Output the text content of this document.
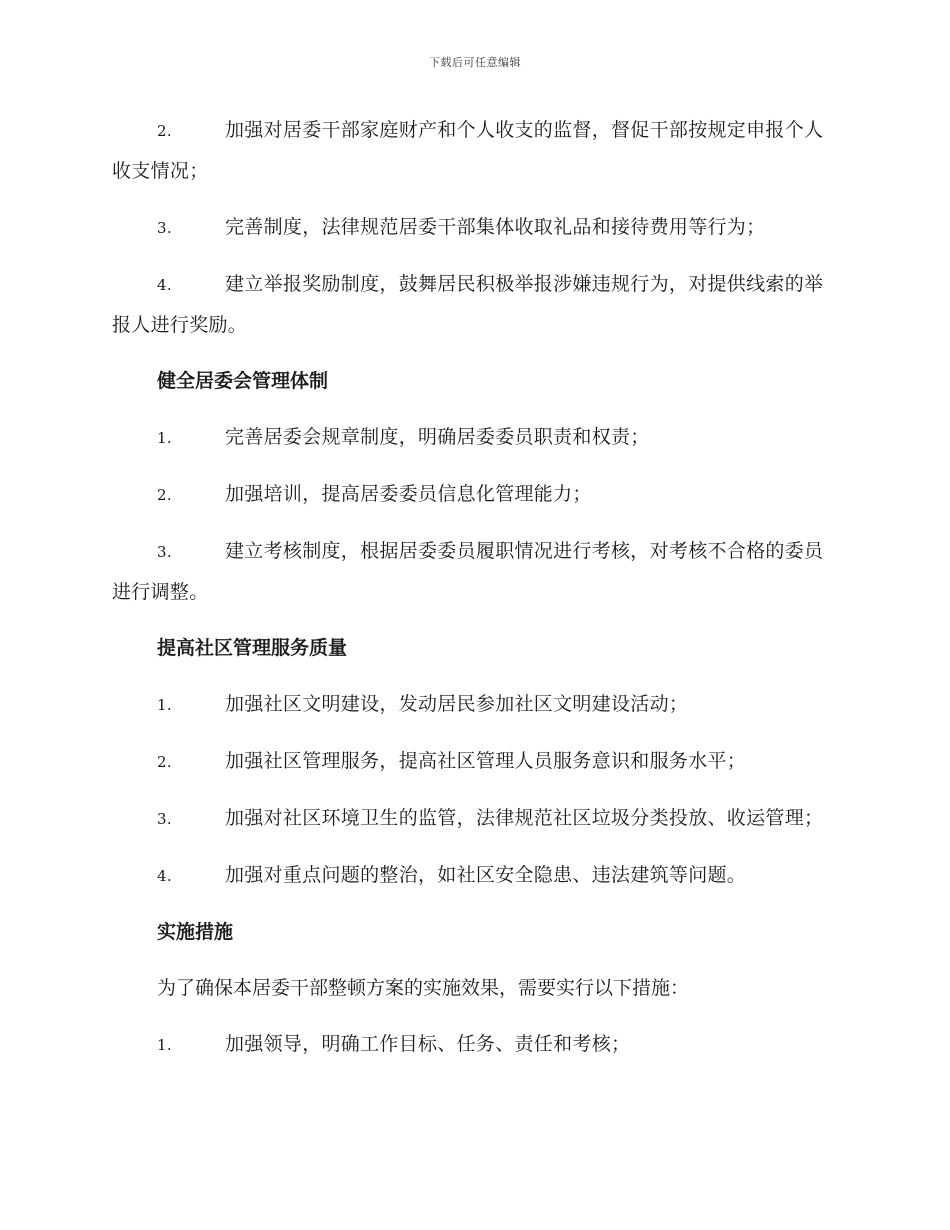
下载后可任意编辑
2.	加强对居委干部家庭财产和个人收支的监督，督促干部按规定申报个人收支情况；
3.	完善制度，法律规范居委干部集体收取礼品和接待费用等行为；
4.	建立举报奖励制度，鼓舞居民积极举报涉嫌违规行为，对提供线索的举报人进行奖励。
健全居委会管理体制
1.	完善居委会规章制度，明确居委委员职责和权责；
2.	加强培训，提高居委委员信息化管理能力；
3.	建立考核制度，根据居委委员履职情况进行考核，对考核不合格的委员进行调整。
提高社区管理服务质量
1.	加强社区文明建设，发动居民参加社区文明建设活动；
2.	加强社区管理服务，提高社区管理人员服务意识和服务水平；
3.	加强对社区环境卫生的监管，法律规范社区垃圾分类投放、收运管理；
4.	加强对重点问题的整治，如社区安全隐患、违法建筑等问题。
实施措施
为了确保本居委干部整顿方案的实施效果，需要实行以下措施：
1.	加强领导，明确工作目标、任务、责任和考核；
